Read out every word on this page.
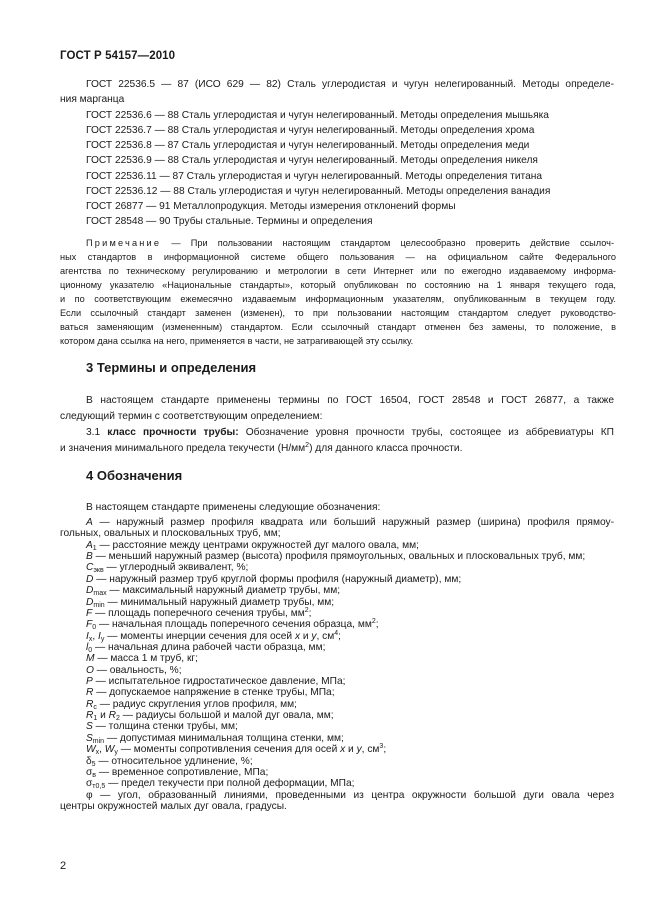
ГОСТ Р 54157—2010
ГОСТ 22536.5 — 87 (ИСО 629 — 82) Сталь углеродистая и чугун нелегированный. Методы определе-
ния марганца
ГОСТ 22536.6 — 88 Сталь углеродистая и чугун нелегированный. Методы определения мышьяка
ГОСТ 22536.7 — 88 Сталь углеродистая и чугун нелегированный. Методы определения хрома
ГОСТ 22536.8 — 87 Сталь углеродистая и чугун нелегированный. Методы определения меди
ГОСТ 22536.9 — 88 Сталь углеродистая и чугун нелегированный. Методы определения никеля
ГОСТ 22536.11 — 87 Сталь углеродистая и чугун нелегированный. Методы определения титана
ГОСТ 22536.12 — 88 Сталь углеродистая и чугун нелегированный. Методы определения ванадия
ГОСТ 26877 — 91 Металлопродукция. Методы измерения отклонений формы
ГОСТ 28548 — 90 Трубы стальные. Термины и определения
Примечание — При пользовании настоящим стандартом целесообразно проверить действие ссылоч-
ных стандартов в информационной системе общего пользования — на официальном сайте Федерального
агентства по техническому регулированию и метрологии в сети Интернет или по ежегодно издаваемому информа-
ционному указателю «Национальные стандарты», который опубликован по состоянию на 1 января текущего года,
и по соответствующим ежемесячно издаваемым информационным указателям, опубликованным в текущем году.
Если ссылочный стандарт заменен (изменен), то при пользовании настоящим стандартом следует руководство-
ваться заменяющим (измененным) стандартом. Если ссылочный стандарт отменен без замены, то положение, в
котором дана ссылка на него, применяется в части, не затрагивающей эту ссылку.
3 Термины и определения
В настоящем стандарте применены термины по ГОСТ 16504, ГОСТ 28548 и ГОСТ 26877, а также
следующий термин с соответствующим определением:
3.1 класс прочности трубы: Обозначение уровня прочности трубы, состоящее из аббревиатуры КП
и значения минимального предела текучести $(Н/мм^2)$ для данного класса прочности.
4 Обозначения
В настоящем стандарте применены следующие обозначения:
A — наружный размер профиля квадрата или больший наружный размер (ширина) профиля прямоу-
гольных, овальных и плосковальных труб, мм;
$A_1$ — расстояние между центрами окружностей дуг малого овала, мм;
B — меньший наружный размер (высота) профиля прямоугольных, овальных и плосковальных труб, мм;
$C_{экв}$ — углеродный эквивалент, %;
D — наружный размер труб круглой формы профиля (наружный диаметр), мм;
$D_{max}$ — максимальный наружный диаметр трубы, мм;
$D_{min}$ — минимальный наружный диаметр трубы, мм;
F — площадь поперечного сечения трубы, $мм^2$;
$F_0$ — начальная площадь поперечного сечения образца, $мм^2$;
$I_x$, $I_y$ — моменты инерции сечения для осей x и y, $см^4$;
$l_0$ — начальная длина рабочей части образца, мм;
M — масса 1 м труб, кг;
O — овальность, %;
P — испытательное гидростатическое давление, МПа;
R — допускаемое напряжение в стенке трубы, МПа;
$R_c$ — радиус скругления углов профиля, мм;
$R_1$ и $R_2$ — радиусы большой и малой дуг овала, мм;
S — толщина стенки трубы, мм;
$S_{min}$ — допустимая минимальная толщина стенки, мм;
$W_x$, $W_y$ — моменты сопротивления сечения для осей x и y, $см^3$;
$\delta_5$ — относительное удлинение, %;
$\sigma_в$ — временное сопротивление, МПа;
$\sigma_{т0,5}$ — предел текучести при полной деформации, МПа;
φ — угол, образованный линиями, проведенными из центра окружности большой дуги овала через
центры окружностей малых дуг овала, градусы.
2
